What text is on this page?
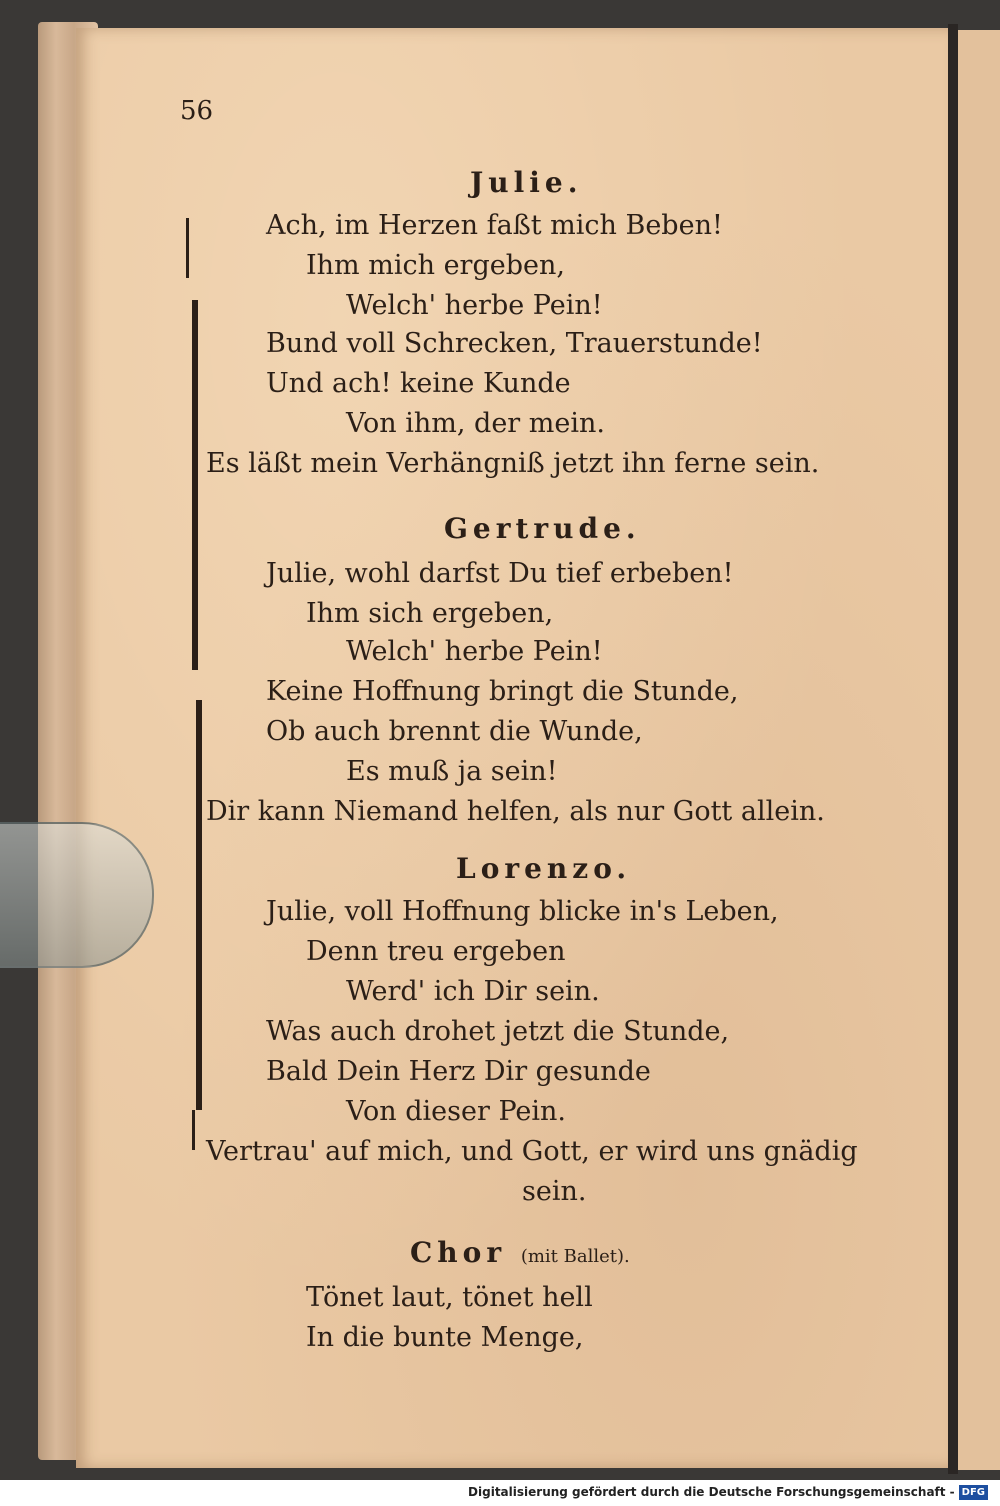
56
Julie.
Ach, im Herzen faßt mich Beben!
Ihm mich ergeben,
Welch' herbe Pein!
Bund voll Schrecken, Trauerstunde!
Und ach! keine Kunde
Von ihm, der mein.
Es läßt mein Verhängniß jetzt ihn ferne sein.
Gertrude.
Julie, wohl darfst Du tief erbeben!
Ihm sich ergeben,
Welch' herbe Pein!
Keine Hoffnung bringt die Stunde,
Ob auch brennt die Wunde,
Es muß ja sein!
Dir kann Niemand helfen, als nur Gott allein.
Lorenzo.
Julie, voll Hoffnung blicke in's Leben,
Denn treu ergeben
Werd' ich Dir sein.
Was auch drohet jetzt die Stunde,
Bald Dein Herz Dir gesunde
Von dieser Pein.
Vertrau' auf mich, und Gott, er wird uns gnädig
sein.
Chor (mit Ballet).
Tönet laut, tönet hell
In die bunte Menge,
Digitalisierung gefördert durch die Deutsche Forschungsgemeinschaft - DFG
